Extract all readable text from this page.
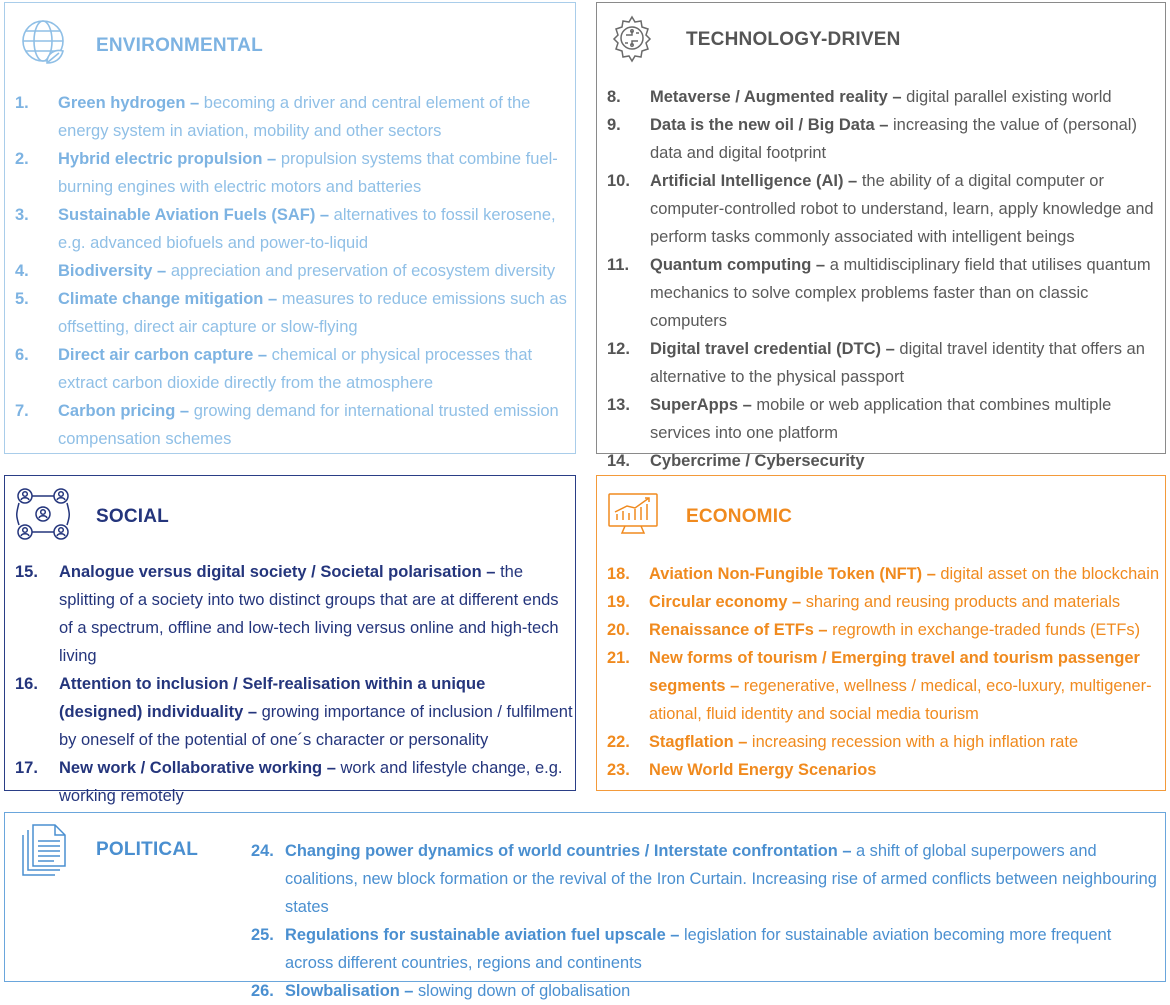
ENVIRONMENTAL
1. Green hydrogen – becoming a driver and central element of the energy system in aviation, mobility and other sectors
2. Hybrid electric propulsion – propulsion systems that combine fuel-burning engines with electric motors and batteries
3. Sustainable Aviation Fuels (SAF) – alternatives to fossil kerosene, e.g. advanced biofuels and power-to-liquid
4. Biodiversity – appreciation and preservation of ecosystem diversity
5. Climate change mitigation – measures to reduce emissions such as offsetting, direct air capture or slow-flying
6. Direct air carbon capture – chemical or physical processes that extract carbon dioxide directly from the atmosphere
7. Carbon pricing – growing demand for international trusted emission compensation schemes
TECHNOLOGY-DRIVEN
8. Metaverse / Augmented reality – digital parallel existing world
9. Data is the new oil / Big Data – increasing the value of (personal) data and digital footprint
10. Artificial Intelligence (AI) – the ability of a digital computer or computer-controlled robot to understand, learn, apply knowledge and perform tasks commonly associated with intelligent beings
11. Quantum computing – a multidisciplinary field that utilises quantum mechanics to solve complex problems faster than on classic computers
12. Digital travel credential (DTC) – digital travel identity that offers an alternative to the physical passport
13. SuperApps – mobile or web application that combines multiple services into one platform
14. Cybercrime / Cybersecurity
SOCIAL
15. Analogue versus digital society / Societal polarisation – the splitting of a society into two distinct groups that are at different ends of a spectrum, offline and low-tech living versus online and high-tech living
16. Attention to inclusion / Self-realisation within a unique (designed) individuality – growing importance of inclusion / fulfilment by oneself of the potential of one´s character or personality
17. New work / Collaborative working – work and lifestyle change, e.g. working remotely
ECONOMIC
18. Aviation Non-Fungible Token (NFT) – digital asset on the blockchain
19. Circular economy – sharing and reusing products and materials
20. Renaissance of ETFs – regrowth in exchange-traded funds (ETFs)
21. New forms of tourism / Emerging travel and tourism passenger segments – regenerative, wellness / medical, eco-luxury, multigener- ational, fluid identity and social media tourism
22. Stagflation – increasing recession with a high inflation rate
23. New World Energy Scenarios
POLITICAL	24. Changing power dynamics of world countries / Interstate confrontation – a shift of global superpowers and coalitions, new block formation or the revival of the Iron Curtain. Increasing rise of armed conflicts between neighbouring states
25. Regulations for sustainable aviation fuel upscale – legislation for sustainable aviation becoming more frequent across different countries, regions and continents
26. Slowbalisation – slowing down of globalisation
